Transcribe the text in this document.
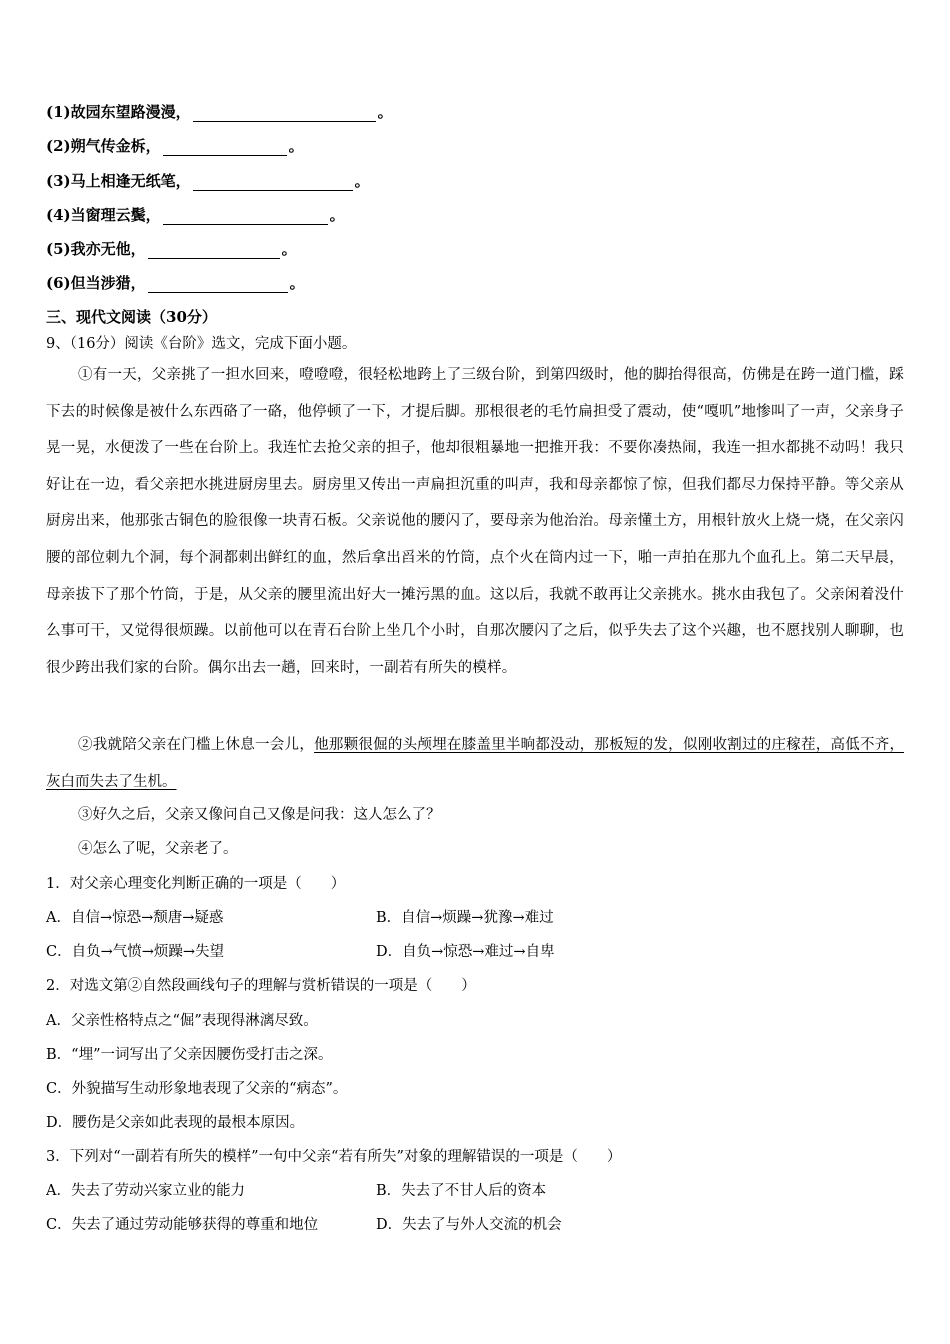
(1)故园东望路漫漫，	。
(2)朔气传金柝，	。
(3)马上相逢无纸笔，	。
(4)当窗理云鬓，	。
(5)我亦无他，	。
(6)但当涉猎，	。
三、现代文阅读（30分）
9、（16分）阅读《台阶》选文，完成下面小题。
①有一天，父亲挑了一担水回来，噔噔噔，很轻松地跨上了三级台阶，到第四级时，他的脚抬得很高，仿佛是在跨一道门槛，踩下去的时候像是被什么东西硌了一硌，他停顿了一下，才提后脚。那根很老的毛竹扁担受了震动，使“嘎叽”地惨叫了一声，父亲身子晃一晃，水便泼了一些在台阶上。我连忙去抢父亲的担子，他却很粗暴地一把推开我：不要你凑热闹，我连一担水都挑不动吗！我只好让在一边，看父亲把水挑进厨房里去。厨房里又传出一声扁担沉重的叫声，我和母亲都惊了惊，但我们都尽力保持平静。等父亲从厨房出来，他那张古铜色的脸很像一块青石板。父亲说他的腰闪了，要母亲为他治治。母亲懂土方，用根针放火上烧一烧，在父亲闪腰的部位刺九个洞，每个洞都刺出鲜红的血，然后拿出舀米的竹筒，点个火在筒内过一下，啪一声拍在那九个血孔上。第二天早晨，母亲拔下了那个竹筒，于是，从父亲的腰里流出好大一摊污黑的血。这以后，我就不敢再让父亲挑水。挑水由我包了。父亲闲着没什么事可干，又觉得很烦躁。以前他可以在青石台阶上坐几个小时，自那次腰闪了之后，似乎失去了这个兴趣，也不愿找别人聊聊，也很少跨出我们家的台阶。偶尔出去一趟，回来时，一副若有所失的模样。
②我就陪父亲在门槛上休息一会儿，他那颗很倔的头颅埋在膝盖里半晌都没动，那板短的发，似刚收割过的庄稼茬，高低不齐，灰白而失去了生机。
③好久之后，父亲又像问自己又像是问我：这人怎么了？
④怎么了呢，父亲老了。
1．对父亲心理变化判断正确的一项是（　　）
A．自信→惊恐→颓唐→疑惑	B．自信→烦躁→犹豫→难过
C．自负→气愤→烦躁→失望	D．自负→惊恐→难过→自卑
2．对选文第②自然段画线句子的理解与赏析错误的一项是（　　）
A．父亲性格特点之“倔”表现得淋漓尽致。
B．“埋”一词写出了父亲因腰伤受打击之深。
C．外貌描写生动形象地表现了父亲的“病态”。
D．腰伤是父亲如此表现的最根本原因。
3．下列对“一副若有所失的模样”一句中父亲“若有所失”对象的理解错误的一项是（　　）
A．失去了劳动兴家立业的能力	B．失去了不甘人后的资本
C．失去了通过劳动能够获得的尊重和地位	D．失去了与外人交流的机会
